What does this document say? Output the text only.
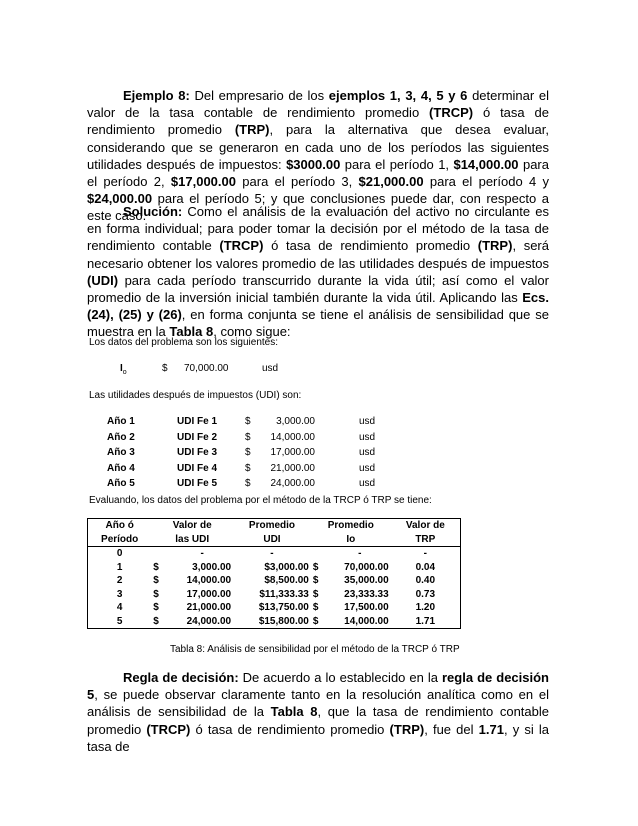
Ejemplo 8: Del empresario de los ejemplos 1, 3, 4, 5 y 6 determinar el valor de la tasa contable de rendimiento promedio (TRCP) ó tasa de rendimiento promedio (TRP), para la alternativa que desea evaluar, considerando que se generaron en cada uno de los períodos las siguientes utilidades después de impuestos: $3000.00 para el período 1, $14,000.00 para el período 2, $17,000.00 para el período 3, $21,000.00 para el período 4 y $24,000.00 para el período 5; y que conclusiones puede dar, con respecto a este caso.

Solución: Como el análisis de la evaluación del activo no circulante es en forma individual; para poder tomar la decisión por el método de la tasa de rendimiento contable (TRCP) ó tasa de rendimiento promedio (TRP), será necesario obtener los valores promedio de las utilidades después de impuestos (UDI) para cada período transcurrido durante la vida útil; así como el valor promedio de la inversión inicial también durante la vida útil. Aplicando las Ecs. (24), (25) y (26), en forma conjunta se tiene el análisis de sensibilidad que se muestra en la Tabla 8, como sigue:

Los datos del problema son los siguientes:

$I_o$	$ 70,000.00	usd

Las utilidades después de impuestos (UDI) son:

Año 1	UDI Fe 1	$	3,000.00	usd
Año 2	UDI Fe 2	$	14,000.00	usd
Año 3	UDI Fe 3	$	17,000.00	usd
Año 4	UDI Fe 4	$	21,000.00	usd
Año 5	UDI Fe 5	$	24,000.00	usd

Evaluando, los datos del problema por el método de la TRCP ó TRP se tiene:

Año ó	Valor de		Promedio	Promedio		Valor de
Período	las UDI		UDI	Io		TRP
0		-	-		-	-
1	$	3,000.00	$3,000.00	$	70,000.00	0.04
2	$	14,000.00	$8,500.00	$	35,000.00	0.40
3	$	17,000.00	$11,333.33	$	23,333.33	0.73
4	$	21,000.00	$13,750.00	$	17,500.00	1.20
5	$	24,000.00	$15,800.00	$	14,000.00	1.71

Tabla 8: Análisis de sensibilidad por el método de la TRCP ó TRP

Regla de decisión: De acuerdo a lo establecido en la regla de decisión 5, se puede observar claramente tanto en la resolución analítica como en el análisis de sensibilidad de la Tabla 8, que la tasa de rendimiento contable promedio (TRCP) ó tasa de rendimiento promedio (TRP), fue del 1.71, y si la tasa de
